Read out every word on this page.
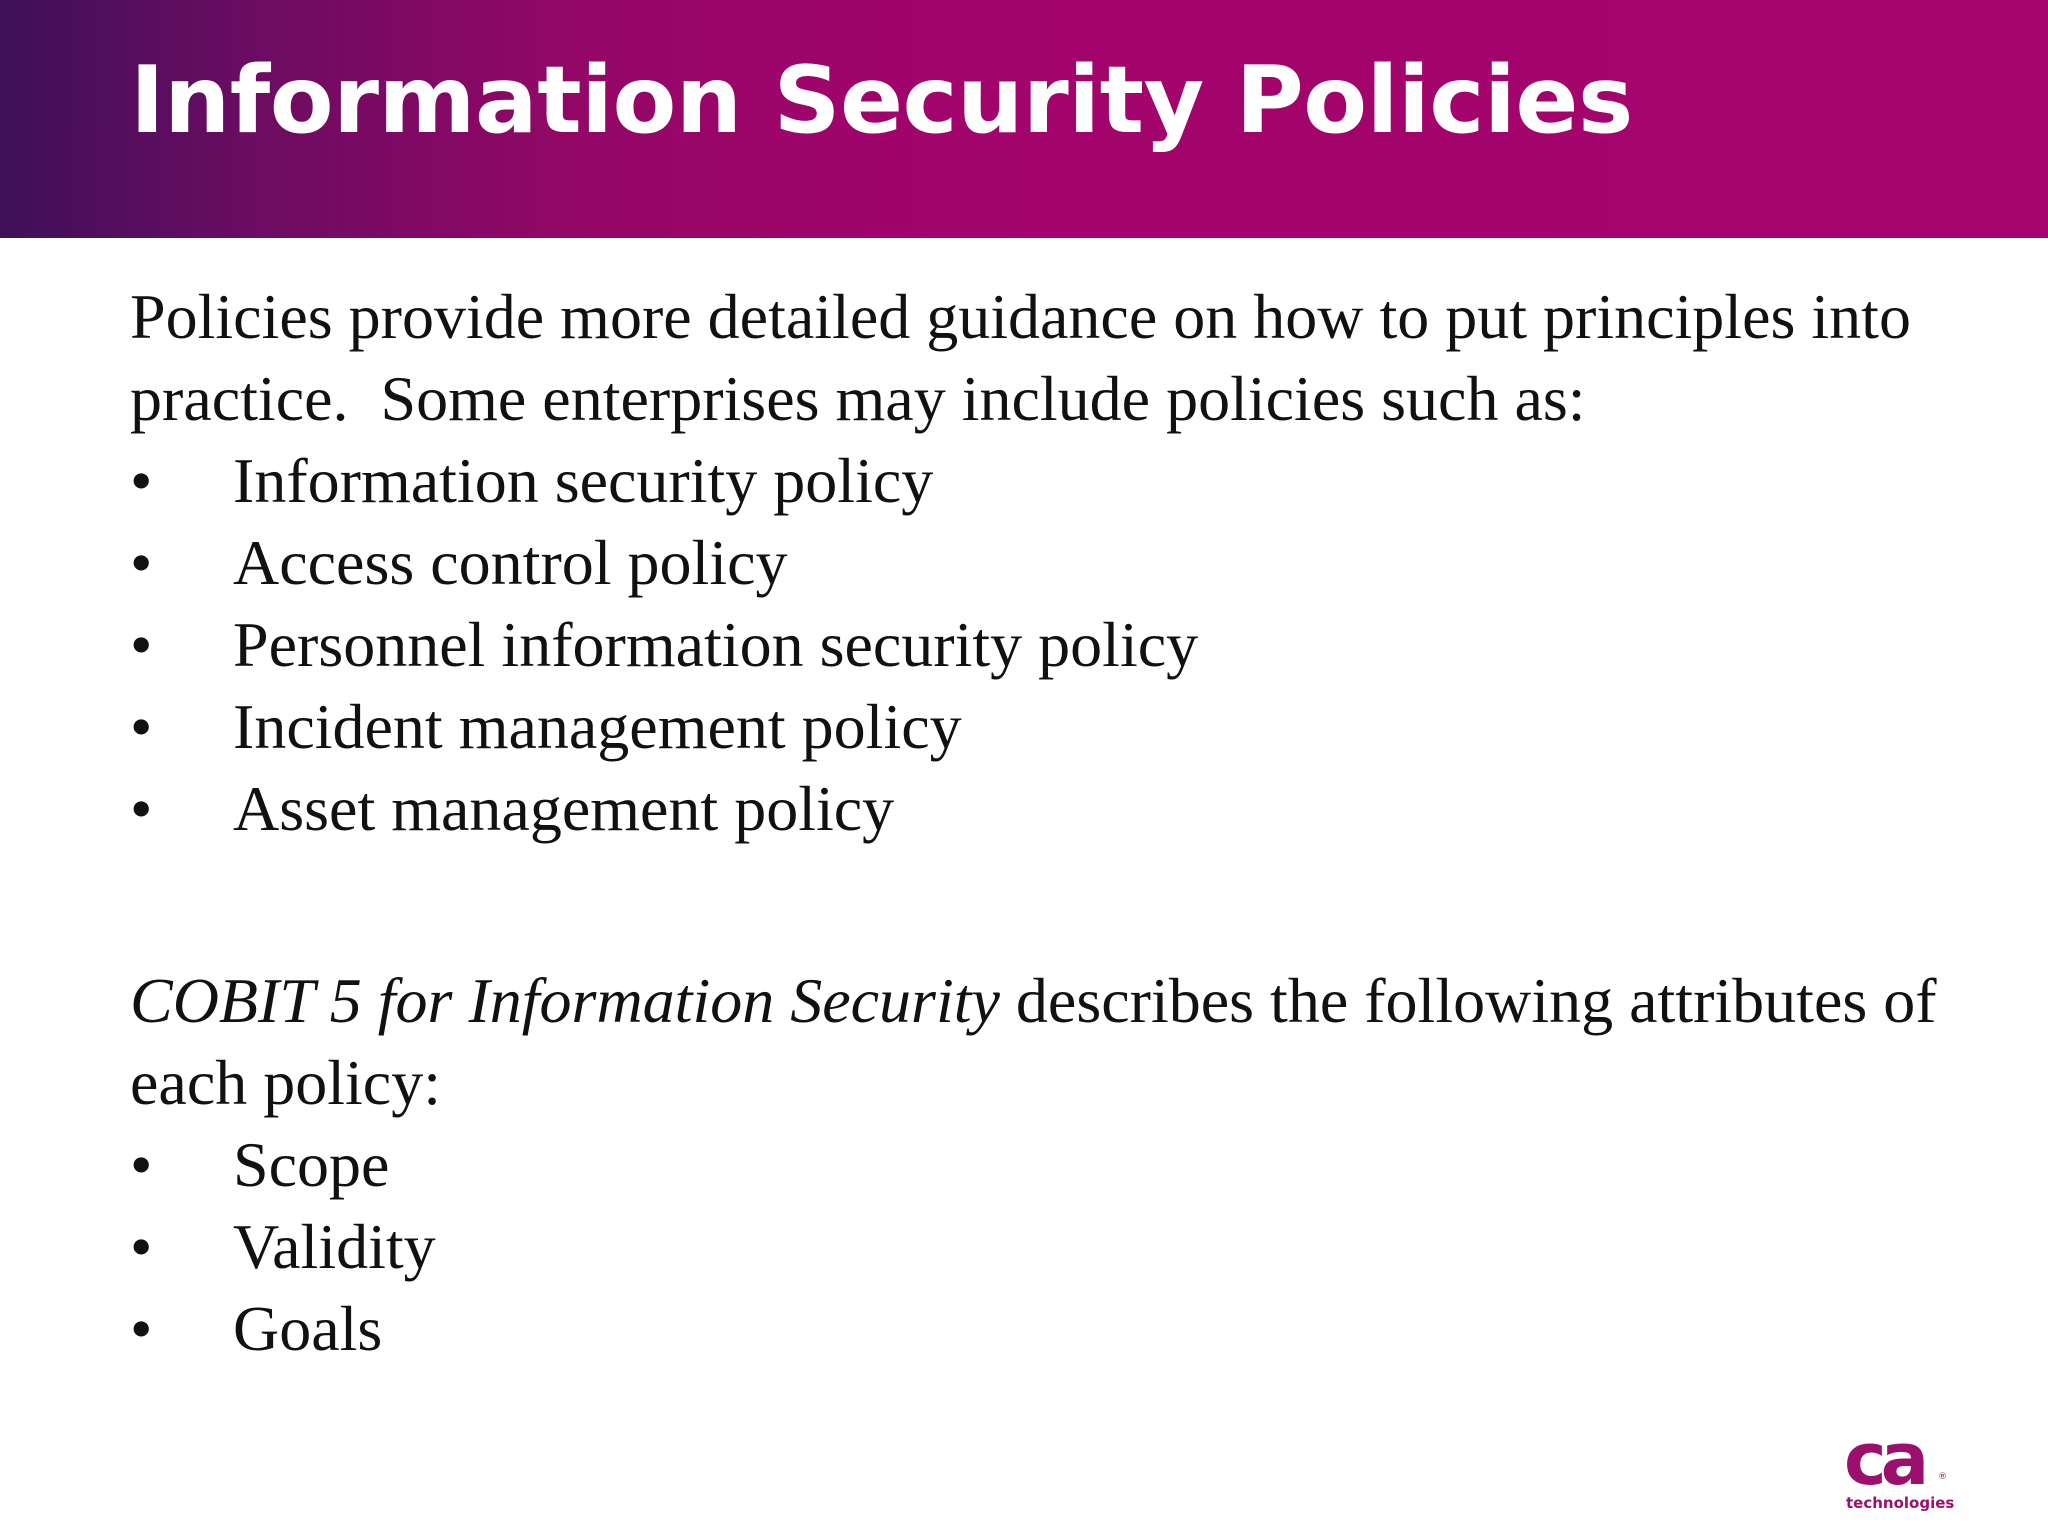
Information Security Policies

Policies provide more detailed guidance on how to put principles into practice.  Some enterprises may include policies such as:

• Information security policy
• Access control policy
• Personnel information security policy
• Incident management policy
• Asset management policy

COBIT 5 for Information Security describes the following attributes of each policy:

• Scope
• Validity
• Goals
ca ®
technologies
